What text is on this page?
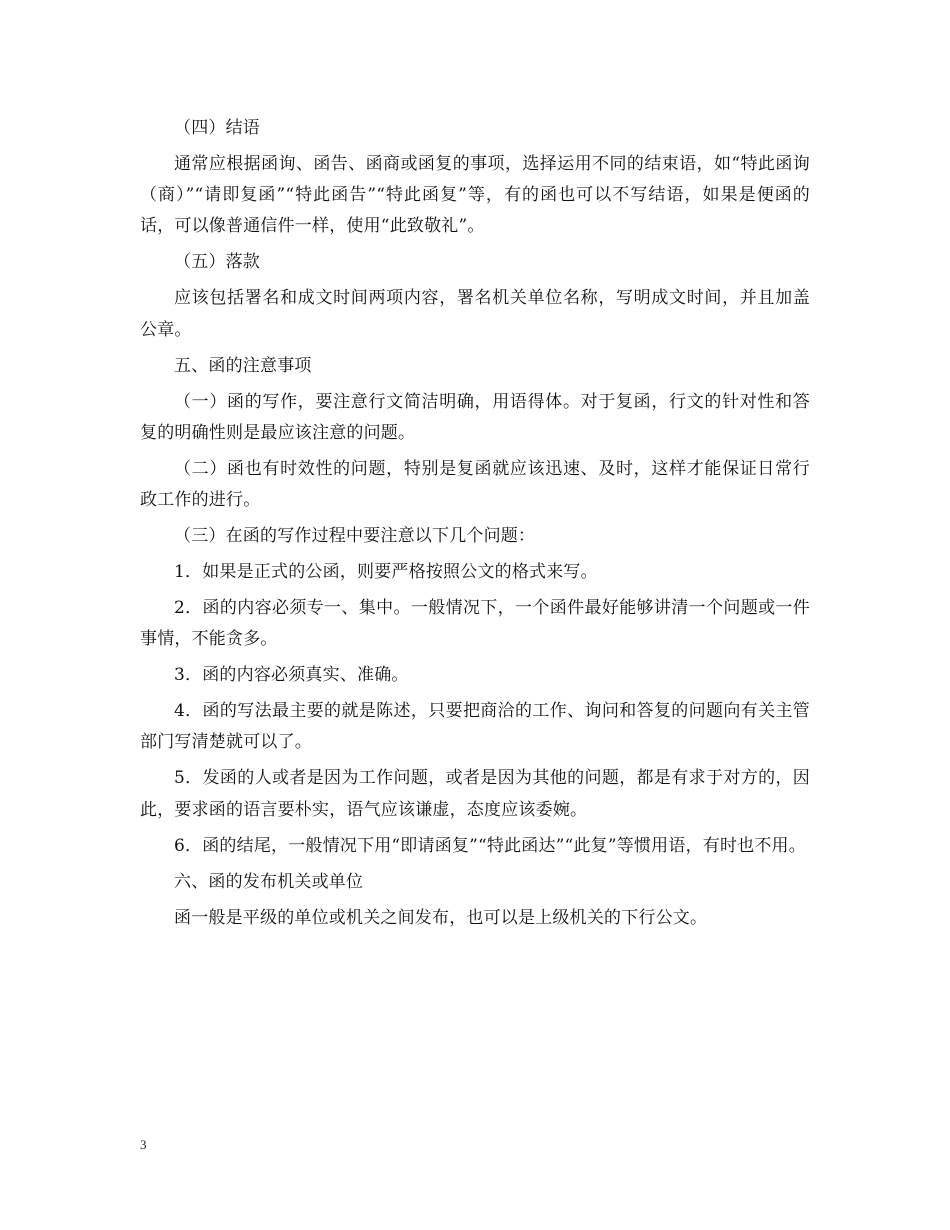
（四）结语

通常应根据函询、函告、函商或函复的事项，选择运用不同的结束语，如“特此函询（商）”“请即复函”“特此函告”“特此函复”等，有的函也可以不写结语，如果是便函的话，可以像普通信件一样，使用“此致敬礼”。

（五）落款

应该包括署名和成文时间两项内容，署名机关单位名称，写明成文时间，并且加盖公章。

五、函的注意事项

（一）函的写作，要注意行文简洁明确，用语得体。对于复函，行文的针对性和答复的明确性则是最应该注意的问题。

（二）函也有时效性的问题，特别是复函就应该迅速、及时，这样才能保证日常行政工作的进行。

（三）在函的写作过程中要注意以下几个问题：

1．如果是正式的公函，则要严格按照公文的格式来写。

2．函的内容必须专一、集中。一般情况下，一个函件最好能够讲清一个问题或一件事情，不能贪多。

3．函的内容必须真实、准确。

4．函的写法最主要的就是陈述，只要把商洽的工作、询问和答复的问题向有关主管部门写清楚就可以了。

5．发函的人或者是因为工作问题，或者是因为其他的问题，都是有求于对方的，因此，要求函的语言要朴实，语气应该谦虚，态度应该委婉。

6．函的结尾，一般情况下用“即请函复”“特此函达”“此复”等惯用语，有时也不用。

六、函的发布机关或单位

函一般是平级的单位或机关之间发布，也可以是上级机关的下行公文。

3
